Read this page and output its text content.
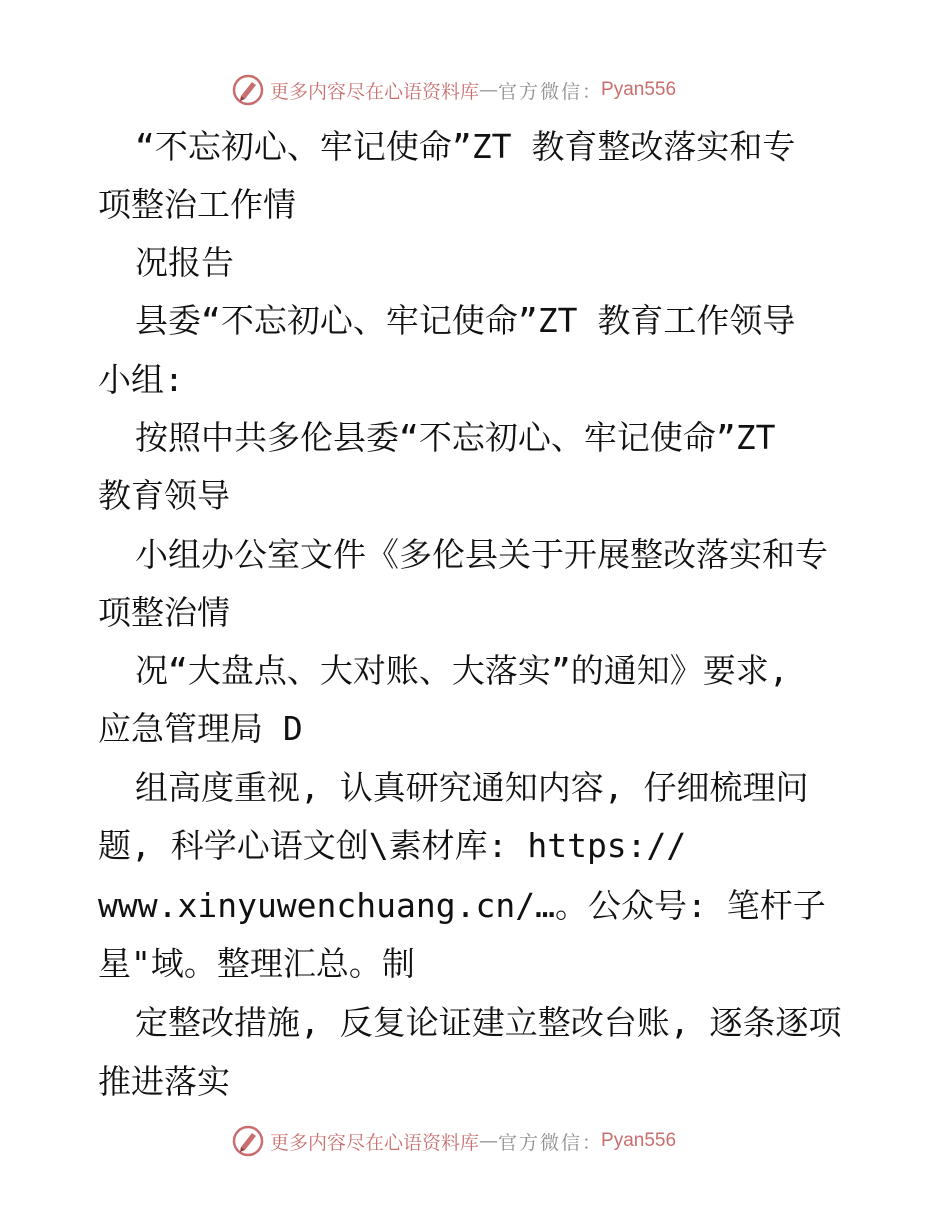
更多内容尽在心语资料库 — 官方微信 ： Pyan556
“不忘初心、牢记使命”ZT 教育整改落实和专
项整治工作情
况报告
县委“不忘初心、牢记使命”ZT 教育工作领导
小组:
按照中共多伦县委“不忘初心、牢记使命”ZT
教育领导
小组办公室文件《多伦县关于开展整改落实和专
项整治情
况“大盘点、大对账、大落实”的通知》要求,
应急管理局 D
组高度重视, 认真研究通知内容, 仔细梳理问
题, 科学心语文创\素材库: https://
www.xinyuwenchuang.cn/…。公众号: 笔杆子
星"域。整理汇总。制
定整改措施, 反复论证建立整改台账, 逐条逐项
推进落实
更多内容尽在心语资料库 — 官方微信 ： Pyan556
